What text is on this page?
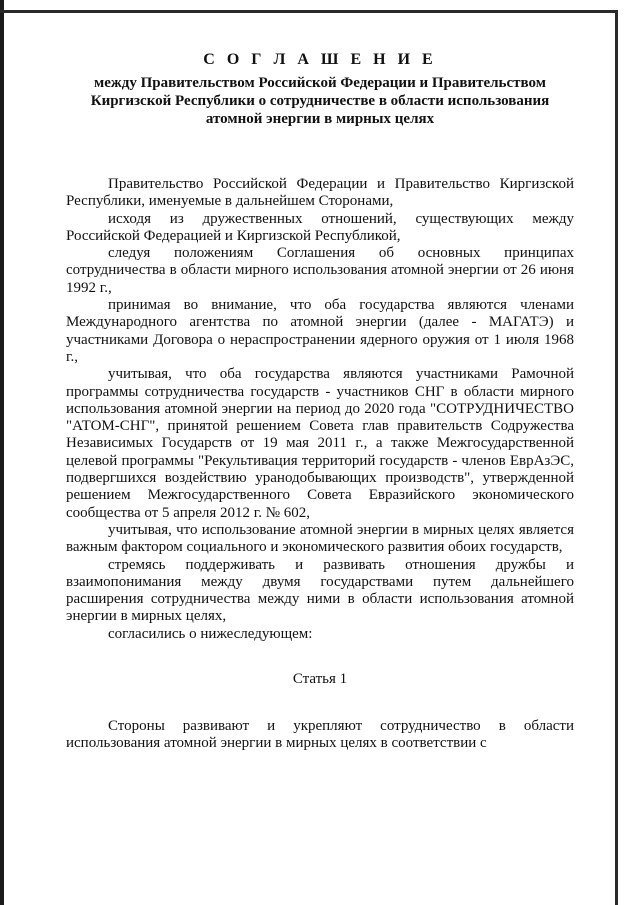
С О Г Л А Ш Е Н И Е

между Правительством Российской Федерации и Правительством Киргизской Республики о сотрудничестве в области использования атомной энергии в мирных целях

Правительство Российской Федерации и Правительство Киргизской Республики, именуемые в дальнейшем Сторонами,

исходя из дружественных отношений, существующих между Российской Федерацией и Киргизской Республикой,

следуя положениям Соглашения об основных принципах сотрудничества в области мирного использования атомной энергии от 26 июня 1992 г.,

принимая во внимание, что оба государства являются членами Международного агентства по атомной энергии (далее - МАГАТЭ) и участниками Договора о нераспространении ядерного оружия от 1 июля 1968 г.,

учитывая, что оба государства являются участниками Рамочной программы сотрудничества государств - участников СНГ в области мирного использования атомной энергии на период до 2020 года "СОТРУДНИЧЕСТВО "АТОМ-СНГ", принятой решением Совета глав правительств Содружества Независимых Государств от 19 мая 2011 г., а также Межгосударственной целевой программы "Рекультивация территорий государств - членов ЕврАзЭС, подвергшихся воздействию уранодобывающих производств", утвержденной решением Межгосударственного Совета Евразийского экономического сообщества от 5 апреля 2012 г. № 602,

учитывая, что использование атомной энергии в мирных целях является важным фактором социального и экономического развития обоих государств,

стремясь поддерживать и развивать отношения дружбы и взаимопонимания между двумя государствами путем дальнейшего расширения сотрудничества между ними в области использования атомной энергии в мирных целях,

согласились о нижеследующем:

Статья 1

Стороны развивают и укрепляют сотрудничество в области использования атомной энергии в мирных целях в соответствии с
